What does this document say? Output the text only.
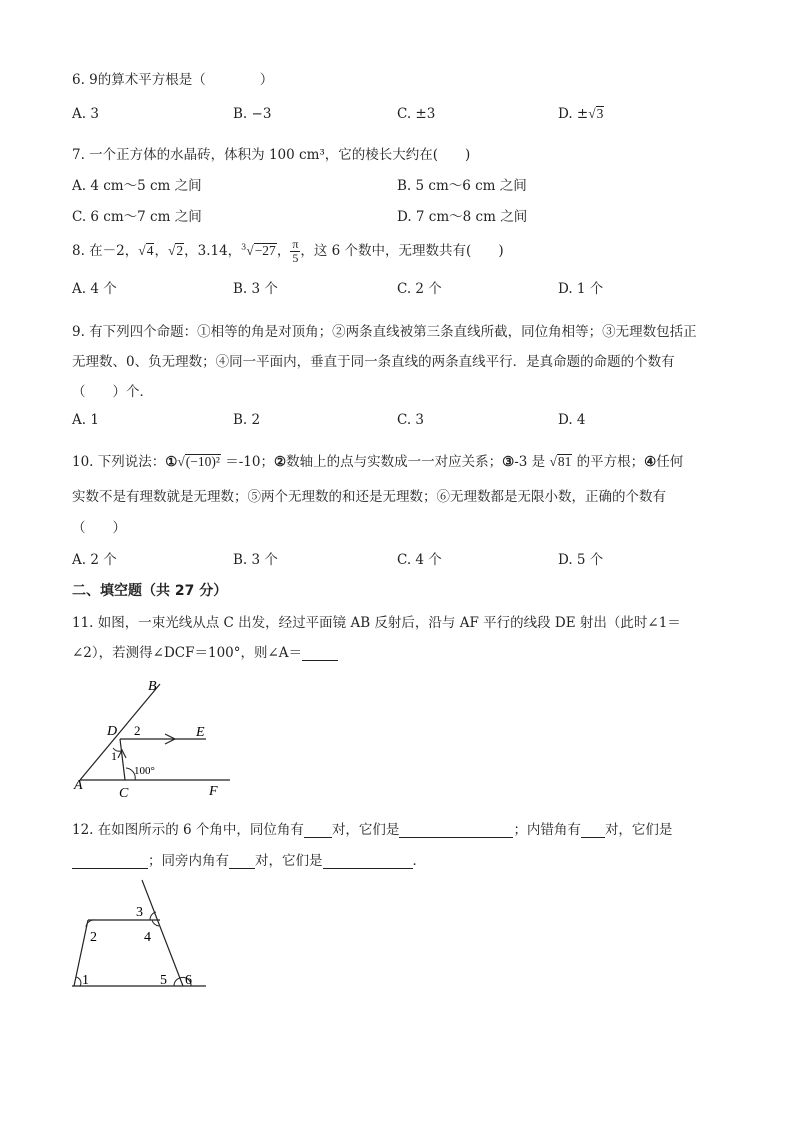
6. 9的算术平方根是（　　　　）
A. 3	B. −3	C. ±3	D. ±√3
7. 一个正方体的水晶砖，体积为 100 cm³，它的棱长大约在(　　)
A. 4 cm～5 cm 之间	B. 5 cm～6 cm 之间
C. 6 cm～7 cm 之间	D. 7 cm～8 cm 之间
8. 在－2，√4，√2，3.14，$^3$√−27， $\frac{\pi}{5}$ ，这 6 个数中，无理数共有(　　)
A. 4 个	B. 3 个	C. 2 个	D. 1 个
9. 有下列四个命题：①相等的角是对顶角；②两条直线被第三条直线所截，同位角相等；③无理数包括正
无理数、0、负无理数；④同一平面内，垂直于同一条直线的两条直线平行．是真命题的命题的个数有
（　　）个．
A. 1	B. 2	C. 3	D. 4
10. 下列说法：①√(−10)² ＝-10；②数轴上的点与实数成一一对应关系；③-3 是 √81 的平方根；④任何
实数不是有理数就是无理数；⑤两个无理数的和还是无理数；⑥无理数都是无限小数，正确的个数有
（　　）
A. 2 个	B. 3 个	C. 4 个	D. 5 个
二、填空题（共 27 分）
11. 如图，一束光线从点 C 出发，经过平面镜 AB 反射后，沿与 AF 平行的线段 DE 射出（此时∠1＝
∠2），若测得∠DCF＝100°，则∠A＝
B
D 2	E
1
100°
A
C	F
12. 在如图所示的 6 个角中，同位角有 对，它们是	；内错角有 对，它们是
；同旁内角有 对，它们是	．
1
2
3
4
5 6
